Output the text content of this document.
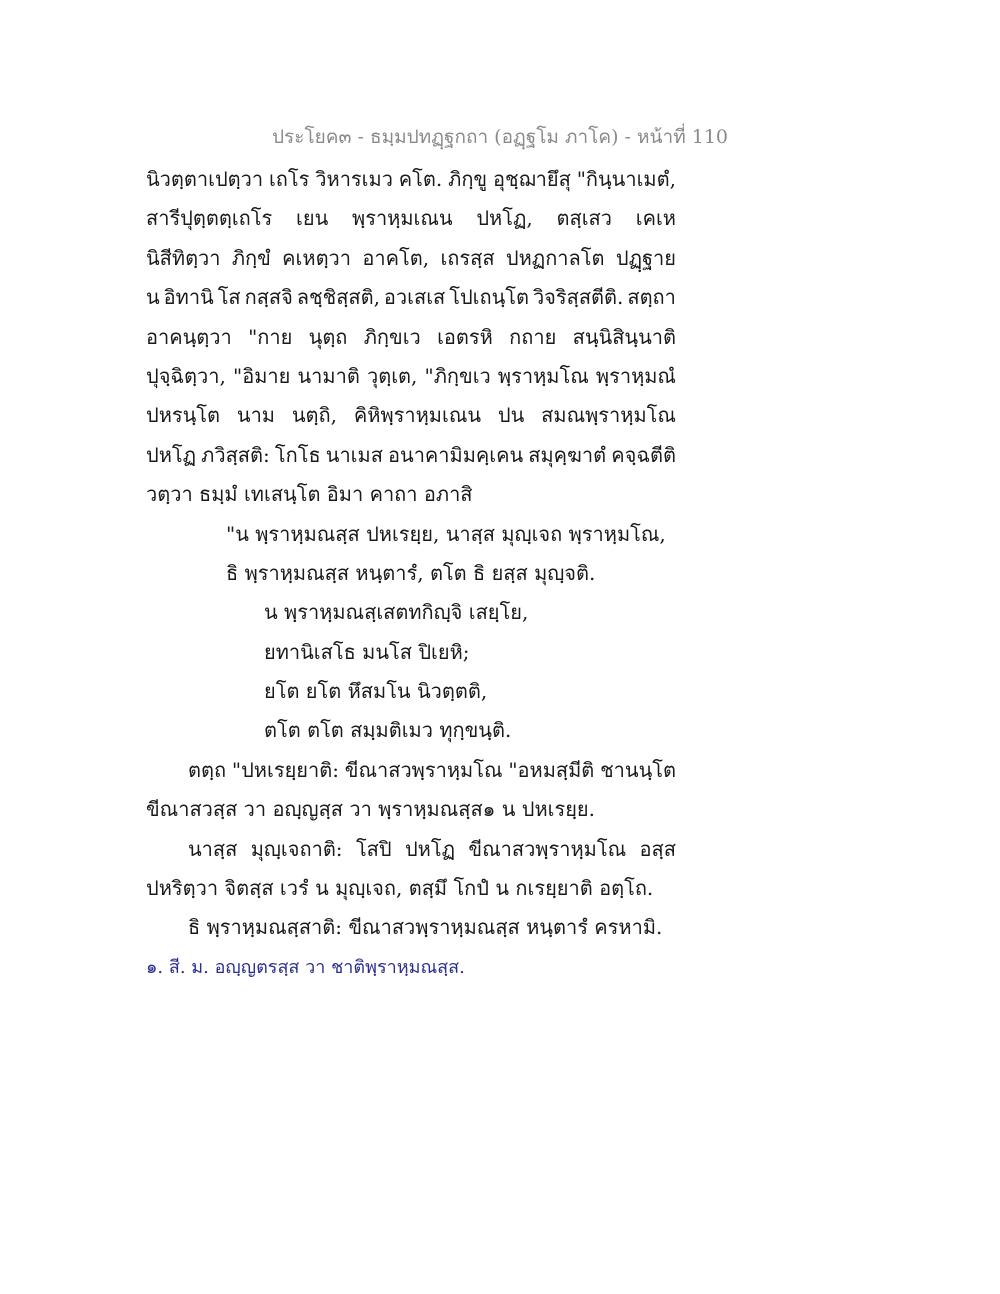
ประโยค๓ - ธมฺมปทฏฺฐกถา (อฏฺฐโม ภาโค) - หน้าที่ 110
นิวตฺตาเปตฺวา เถโร วิหารเมว คโต. ภิกฺขู อุชฺฌายึสุ "กินฺนาเมตํ,
สารีปุตฺตตฺเถโร เยน พฺราหฺมเณน ปหโฏ, ตสฺเสว เคเห
นิสีทิตฺวา ภิกฺขํ คเหตฺวา อาคโต, เถรสฺส ปหฏกาลโต ปฏฺฐาย
น อิทานิ โส กสฺสจิ ลชฺชิสฺสติ, อวเสเส โปเถนฺโต วิจริสฺสตีติ. สตฺถา
อาคนฺตฺวา "กาย นุตฺถ ภิกฺขเว เอตรหิ กถาย สนฺนิสินฺนาติ
ปุจฺฉิตฺวา, "อิมาย นามาติ วุตฺเต, "ภิกฺขเว พฺราหฺมโณ พฺราหฺมณํ
ปหรนฺโต นาม นตฺถิ, คิหิพฺราหฺมเณน ปน สมณพฺราหฺมโณ
ปหโฏ ภวิสฺสติ: โกโธ นาเมส อนาคามิมคฺเคน สมุคฺฆาตํ คจฺฉตีติ
วตฺวา ธมฺมํ เทเสนฺโต อิมา คาถา อภาสิ
"น พฺราหฺมณสฺส ปหเรยฺย, นาสฺส มุญฺเจถ พฺราหฺมโณ,
ธิ พฺราหฺมณสฺส หนฺตารํ, ตโต ธิ ยสฺส มุญฺจติ.
น พฺราหฺมณสฺเสตทกิญฺจิ เสยฺโย,
ยทานิเสโธ มนโส ปิเยหิ;
ยโต ยโต หึสมโน นิวตฺตติ,
ตโต ตโต สมฺมติเมว ทุกฺขนฺติ.
ตตฺถ "ปหเรยฺยาติ: ขีณาสวพฺราหฺมโณ "อหมสฺมีติ ชานนฺโต
ขีณาสวสฺส วา อญฺญสฺส วา พฺราหฺมณสฺส๑ น ปหเรยฺย.
นาสฺส มุญฺเจถาติ: โสปิ ปหโฏ ขีณาสวพฺราหฺมโณ อสฺส
ปหริตฺวา จิตสฺส เวรํ น มุญฺเจถ, ตสฺมึ โกปํ น กเรยฺยาติ อตฺโถ.
ธิ พฺราหฺมณสฺสาติ: ขีณาสวพฺราหฺมณสฺส หนฺตารํ ครหามิ.
๑. สี. ม. อญฺญตรสฺส วา ชาติพฺราหฺมณสฺส.
